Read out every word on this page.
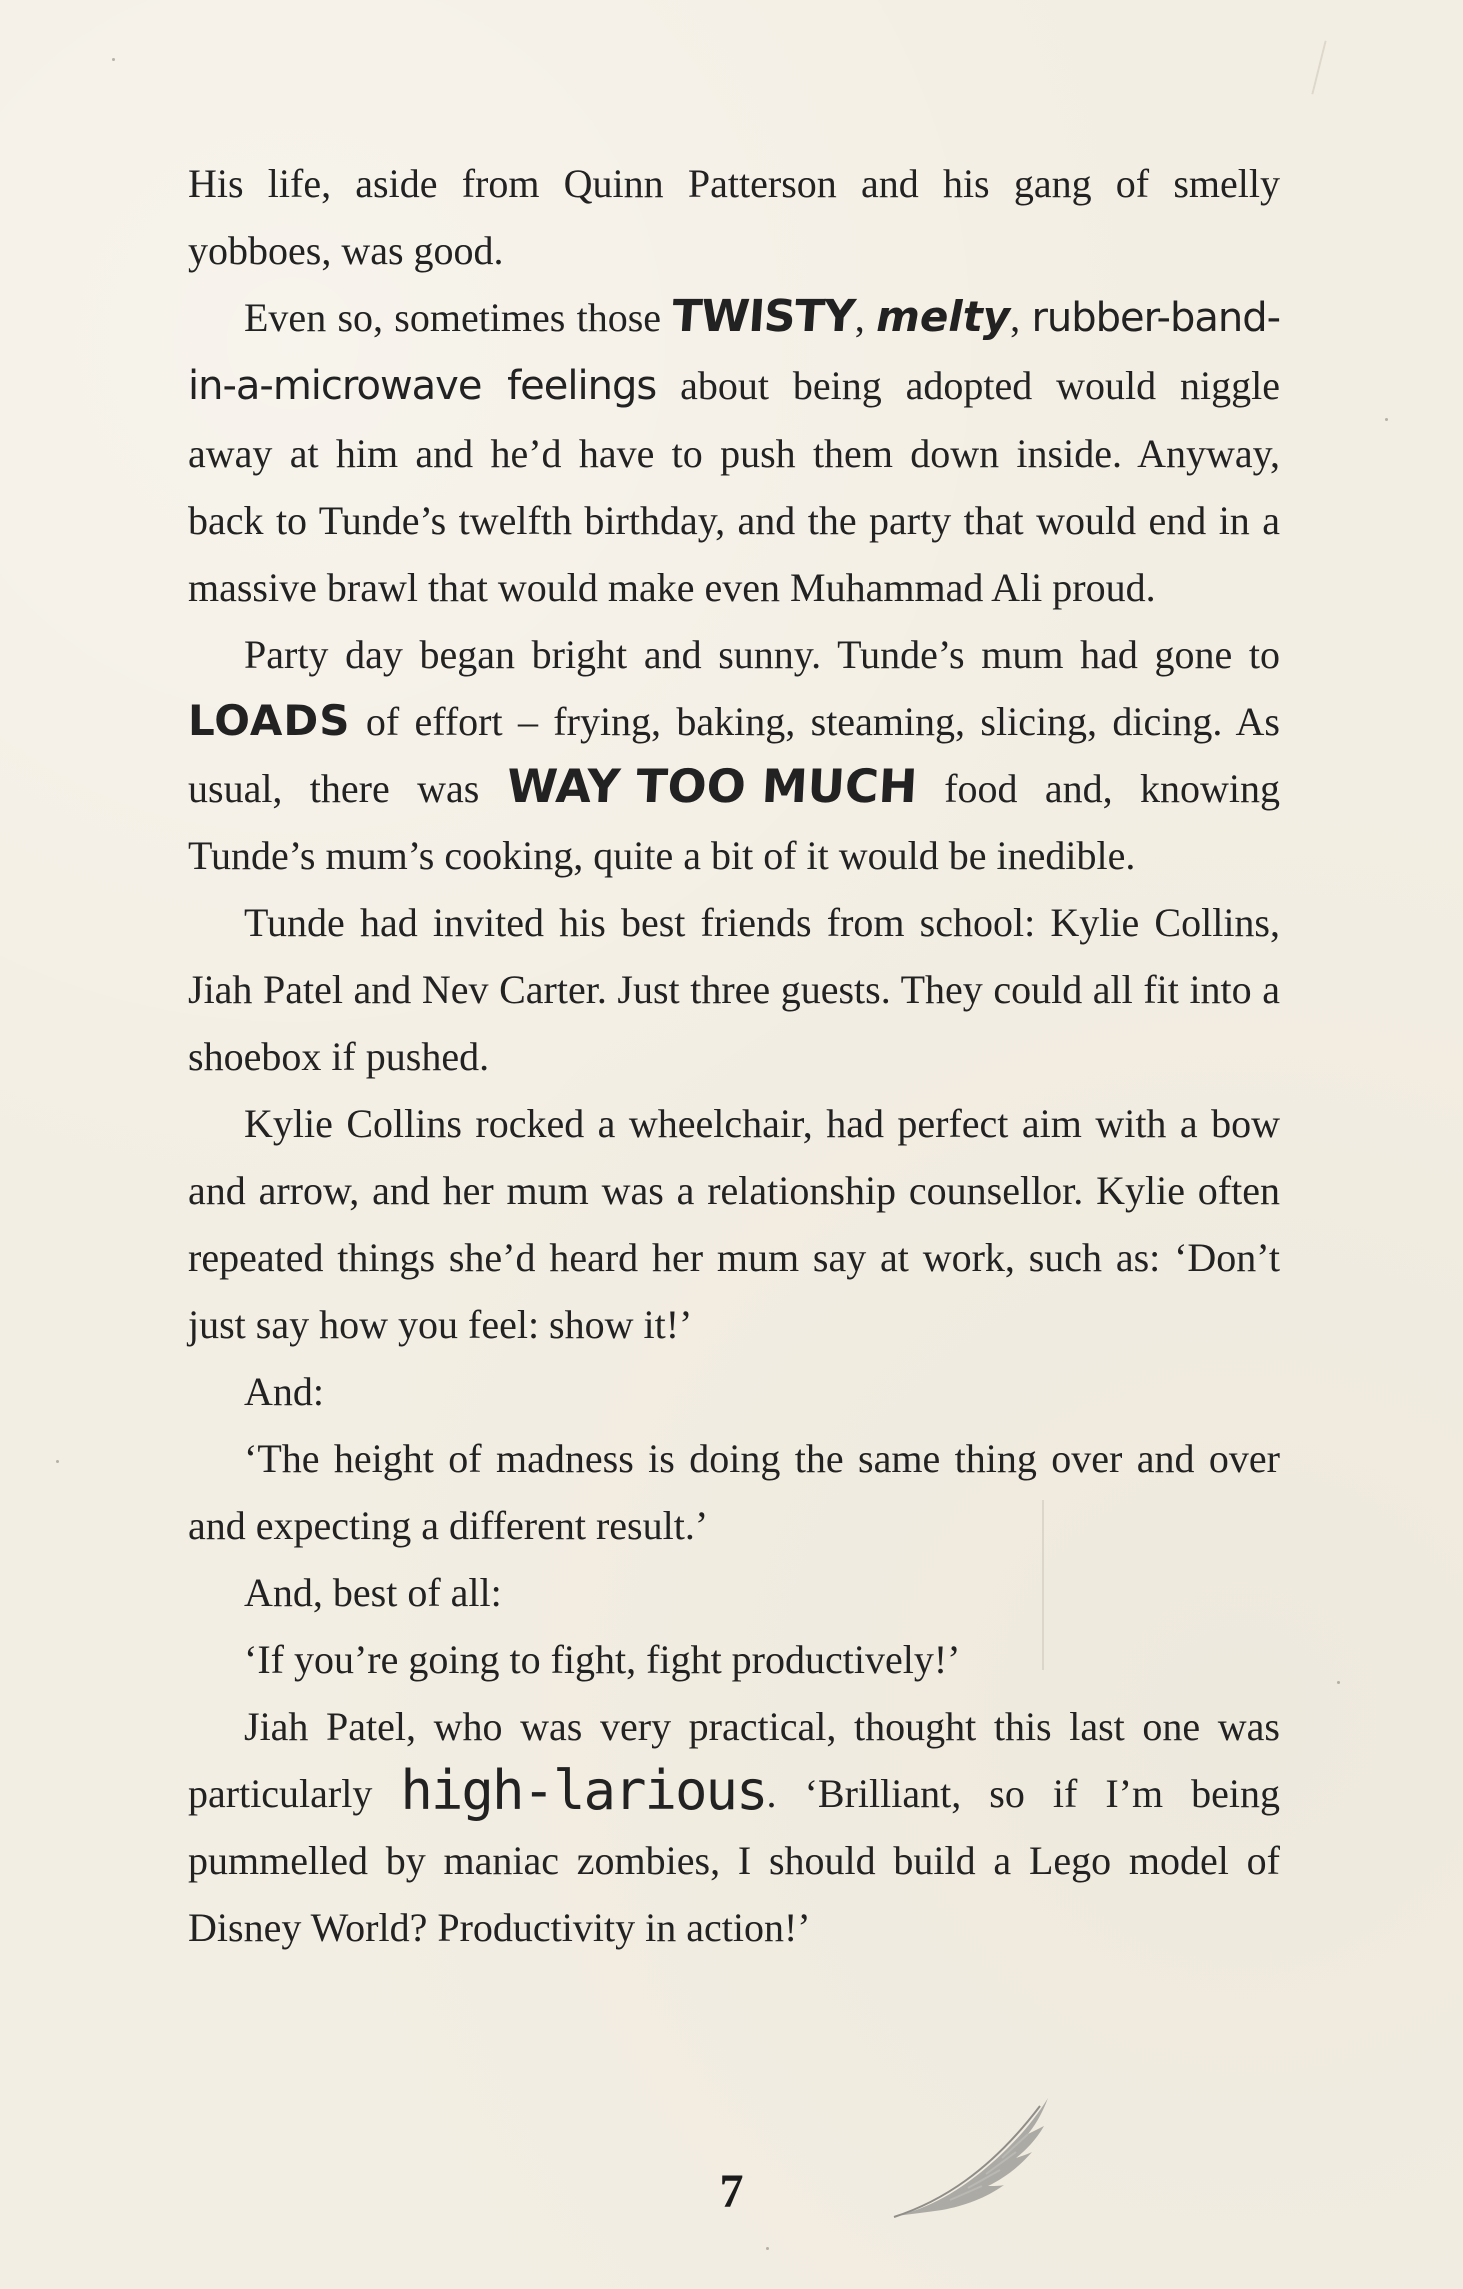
His life, aside from Quinn Patterson and his gang of smelly yobboes, was good.

Even so, sometimes those TWISTY, melty, rubber-band-in-a-microwave feelings about being adopted would niggle away at him and he’d have to push them down inside. Anyway, back to Tunde’s twelfth birthday, and the party that would end in a massive brawl that would make even Muhammad Ali proud.

Party day began bright and sunny. Tunde’s mum had gone to LOADS of effort – frying, baking, steaming, slicing, dicing. As usual, there was WAY TOO MUCH food and, knowing Tunde’s mum’s cooking, quite a bit of it would be inedible.

Tunde had invited his best friends from school: Kylie Collins, Jiah Patel and Nev Carter. Just three guests. They could all fit into a shoebox if pushed.

Kylie Collins rocked a wheelchair, had perfect aim with a bow and arrow, and her mum was a relationship counsellor. Kylie often repeated things she’d heard her mum say at work, such as: ‘Don’t just say how you feel: show it!’

And:

‘The height of madness is doing the same thing over and over and expecting a different result.’

And, best of all:

‘If you’re going to fight, fight productively!’

Jiah Patel, who was very practical, thought this last one was particularly high-larious. ‘Brilliant, so if I’m being pummelled by maniac zombies, I should build a Lego model of Disney World? Productivity in action!’

7
